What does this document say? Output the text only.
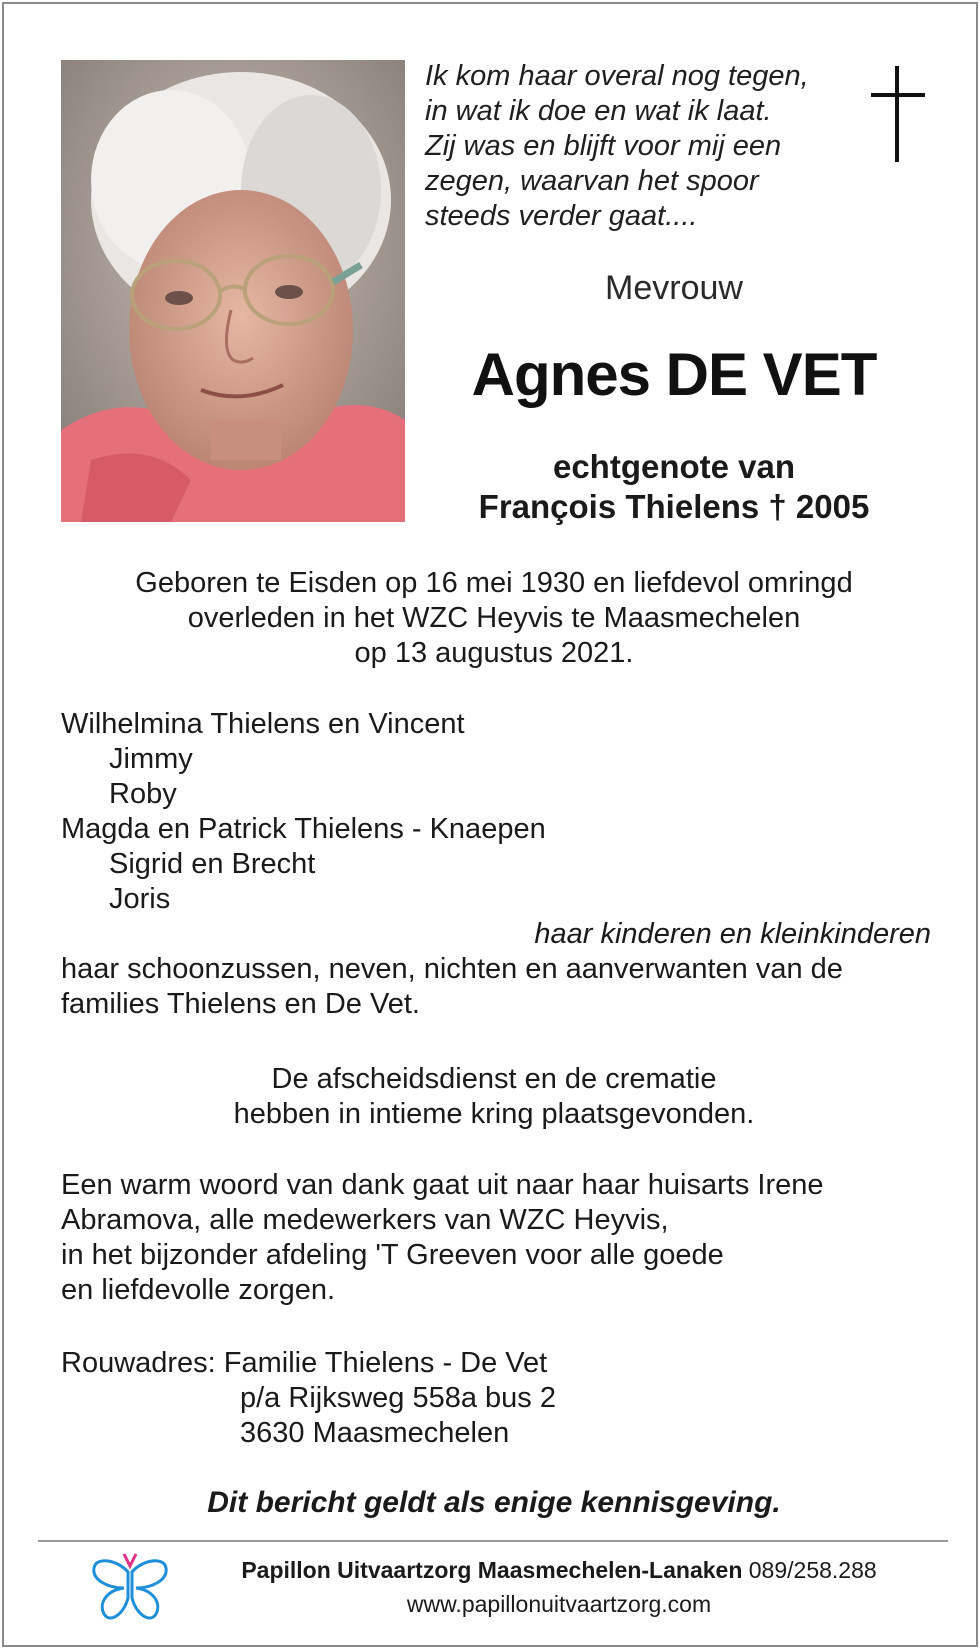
Ik kom haar overal nog tegen,
in wat ik doe en wat ik laat.
Zij was en blijft voor mij een
zegen, waarvan het spoor
steeds verder gaat....
Mevrouw
Agnes DE VET
echtgenote van
François Thielens † 2005
Geboren te Eisden op 16 mei 1930 en liefdevol omringd
overleden in het WZC Heyvis te Maasmechelen
op 13 augustus 2021.
Wilhelmina Thielens en Vincent
Jimmy
Roby
Magda en Patrick Thielens - Knaepen
Sigrid en Brecht
Joris
haar kinderen en kleinkinderen
haar schoonzussen, neven, nichten en aanverwanten van de
families Thielens en De Vet.
De afscheidsdienst en de crematie
hebben in intieme kring plaatsgevonden.
Een warm woord van dank gaat uit naar haar huisarts Irene
Abramova, alle medewerkers van WZC Heyvis,
in het bijzonder afdeling 'T Greeven voor alle goede
en liefdevolle zorgen.
Rouwadres: Familie Thielens - De Vet
p/a Rijksweg 558a bus 2
3630 Maasmechelen
Dit bericht geldt als enige kennisgeving.
Papillon Uitvaartzorg Maasmechelen-Lanaken 089/258.288
www.papillonuitvaartzorg.com
